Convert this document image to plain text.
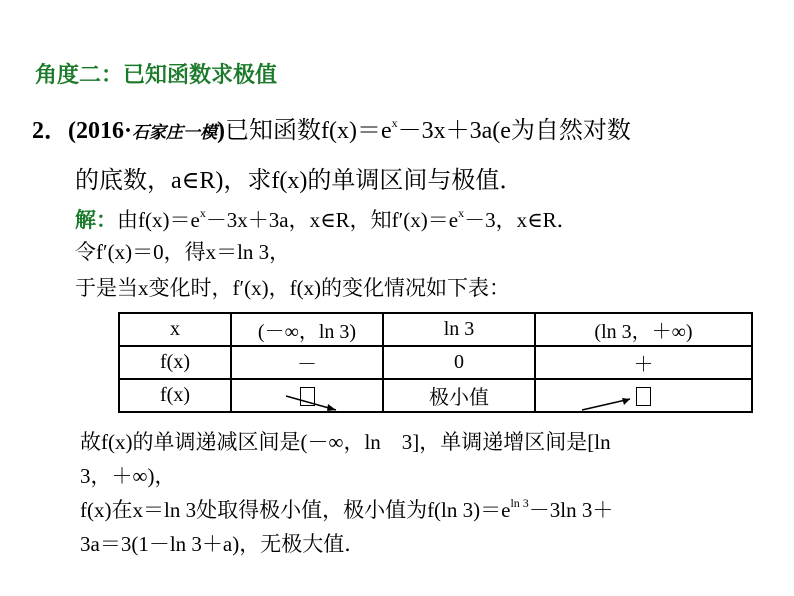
角度二：已知函数求极值
2．(2016·石家庄一模)已知函数$f(x)=e^x-3x+3a(e$为自然对数
的底数，a∈R)，求f(x)的单调区间与极值．
解：由$f(x)=e^x-3x+3a$，x∈R，知$f'(x)=e^x-3$，x∈R．
令f′(x)＝0，得x＝ln 3，
于是当x变化时，f′(x)，f(x)的变化情况如下表：
x	(－∞，ln 3)	ln 3	(ln 3，＋∞)
f(x)	－	0	＋
f(x)		极小值	
故f(x)的单调递减区间是(－∞，ln　3]，单调递增区间是[ln
3，＋∞)，
f(x)在x＝ln 3处取得极小值，极小值为f(ln $3)=e^{ln 3}-3\ln$ 3＋
3a＝3(1－ln 3＋a)，无极大值．
